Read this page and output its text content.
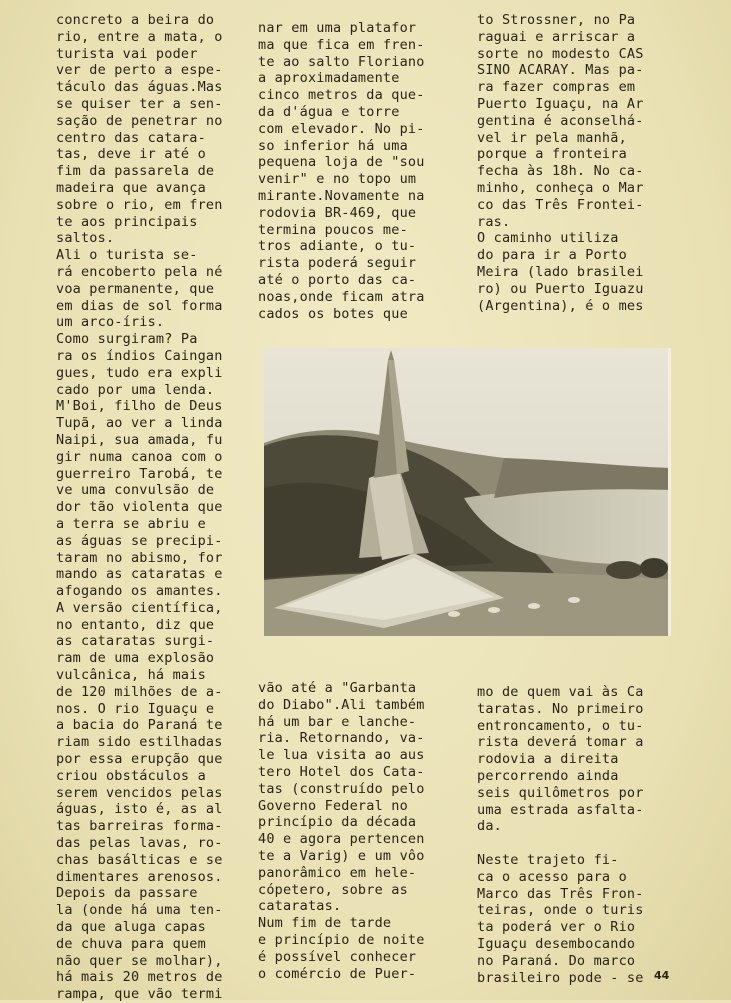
concreto a beira do
rio, entre a mata, o
turista vai poder
ver de perto a espe-
táculo das águas.Mas
se quiser ter a sen-
sação de penetrar no
centro das catara-
tas, deve ir até o
fim da passarela de
madeira que avança
sobre o rio, em fren
te aos principais
saltos.
Ali o turista se-
rá encoberto pela né
voa permanente, que
em dias de sol forma
um arco-íris.
Como surgiram? Pa
ra os índios Caingan
gues, tudo era expli
cado por uma lenda.
M'Boi, filho de Deus
Tupã, ao ver a linda
Naipi, sua amada, fu
gir numa canoa com o
guerreiro Tarobá, te
ve uma convulsão de
dor tão violenta que
a terra se abriu e
as águas se precipi-
taram no abismo, for
mando as cataratas e
afogando os amantes.
A versão científica,
no entanto, diz que
as cataratas surgi-
ram de uma explosão
vulcânica, há mais
de 120 milhões de a-
nos. O rio Iguaçu e
a bacia do Paraná te
riam sido estilhadas
por essa erupção que
criou obstáculos a
serem vencidos pelas
águas, isto é, as al
tas barreiras forma-
das pelas lavas, ro-
chas basálticas e se
dimentares arenosos.
Depois da passare
la (onde há uma ten-
da que aluga capas
de chuva para quem
não quer se molhar),
há mais 20 metros de
rampa, que vão termi
nar em uma platafor
ma que fica em fren-
te ao salto Floriano
a aproximadamente
cinco metros da que-
da d'água e torre
com elevador. No pi-
so inferior há uma
pequena loja de "sou
venir" e no topo um
mirante.Novamente na
rodovia BR-469, que
termina poucos me-
tros adiante, o tu-
rista poderá seguir
até o porto das ca-
noas,onde ficam atra
cados os botes que
to Strossner, no Pa
raguai e arriscar a
sorte no modesto CAS
SINO ACARAY. Mas pa-
ra fazer compras em
Puerto Iguaçu, na Ar
gentina é aconselhá-
vel ir pela manhã,
porque a fronteira
fecha às 18h. No ca-
minho, conheça o Mar
co das Três Frontei-
ras.
O caminho utiliza
do para ir a Porto
Meira (lado brasilei
ro) ou Puerto Iguazu
(Argentina), é o mes
vão até a "Garbanta
do Diabo".Ali também
há um bar e lanche-
ria. Retornando, va-
le lua visita ao aus
tero Hotel dos Cata-
tas (construído pelo
Governo Federal no
princípio da década
40 e agora pertencen
te a Varig) e um vôo
panorâmico em hele-
cópetero, sobre as
cataratas.
Num fim de tarde
e princípio de noite
é possível conhecer
o comércio de Puer-
mo de quem vai às Ca
taratas. No primeiro
entroncamento, o tu-
rista deverá tomar a
rodovia a direita
percorrendo ainda
seis quilômetros por
uma estrada asfalta-
da.
Neste trajeto fi-
ca o acesso para o
Marco das Três Fron-
teiras, onde o turis
ta poderá ver o Rio
Iguaçu desembocando
no Paraná. Do marco
brasileiro pode - se 44
